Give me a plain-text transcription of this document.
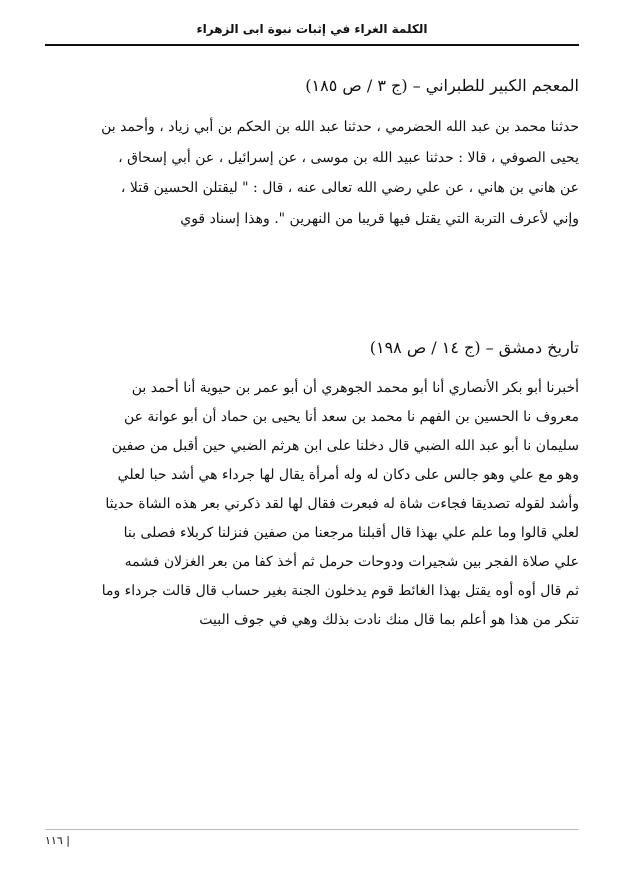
الكلمة الغراء في إثبات نبوة ابى الزهراء
المعجم الكبير للطبراني – (ج ٣ / ص ١٨٥)

حدثنا محمد بن عبد الله الحضرمي ، حدثنا عبد الله بن الحكم بن أبي زياد ، وأحمد بن

يحيى الصوفي ، قالا : حدثنا عبيد الله بن موسى ، عن إسرائيل ، عن أبي إسحاق ،

عن هاني بن هاني ، عن علي رضي الله تعالى عنه ، قال : " ليقتلن الحسين قتلا ،

وإني لأعرف التربة التي يقتل فيها قريبا من النهرين ". وهذا إسناد قوي

تاريخ دمشق – (ج ١٤ / ص ١٩٨)

أخبرنا أبو بكر الأنصاري أنا أبو محمد الجوهري أن أبو عمر بن حيوية أنا أحمد بن

معروف نا الحسين بن الفهم نا محمد بن سعد أنا يحيى بن حماد أن أبو عوانة عن

سليمان نا أبو عبد الله الضبي قال دخلنا على ابن هرثم الضبي حين أقبل من صفين

وهو مع علي وهو جالس على دكان له وله أمرأة يقال لها جرداء هي أشد حبا لعلي

وأشد لقوله تصديقا فجاءت شاة له فبعرت فقال لها لقد ذكرني بعر هذه الشاة حديثا

لعلي قالوا وما علم علي بهذا قال أقبلنا مرجعنا من صفين فنزلنا كربلاء فصلى بنا

علي صلاة الفجر بين شجيرات ودوحات حرمل ثم أخذ كفا من بعر الغزلان فشمه

ثم قال أوه أوه يقتل بهذا الغائط قوم يدخلون الجنة بغير حساب قال قالت جرداء وما

تنكر من هذا هو أعلم بما قال منك نادت بذلك وهي في جوف البيت

١١٦ |
